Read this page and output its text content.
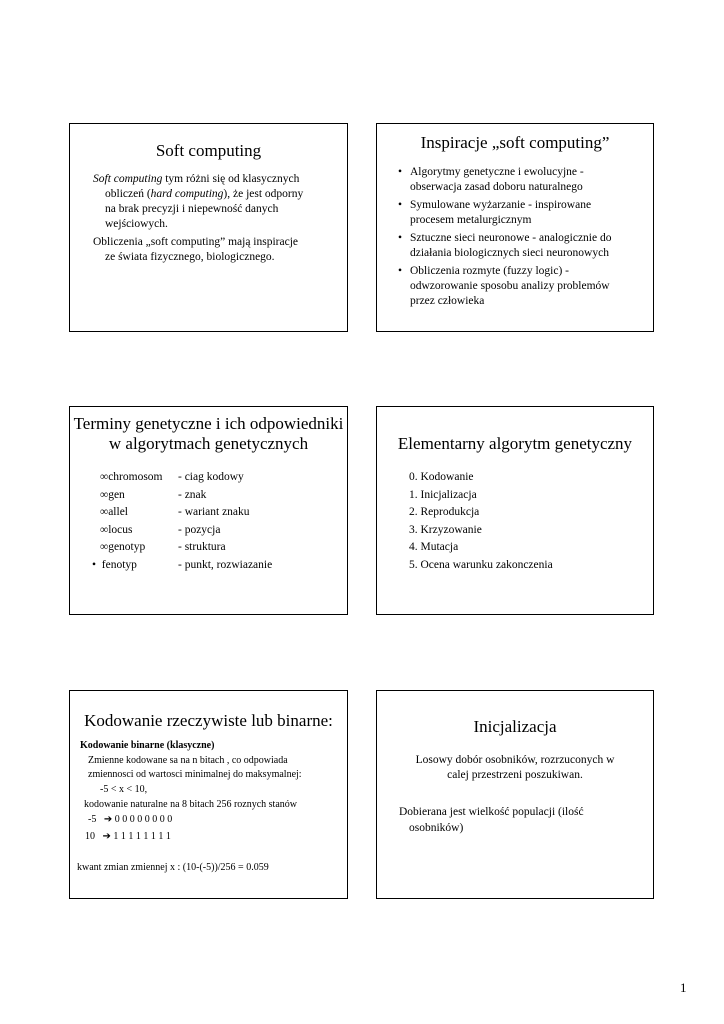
Soft computing
Soft computing tym różni się od klasycznych
obliczeń (hard computing), że jest odporny
na brak precyzji i niepewność danych
wejściowych.
Obliczenia „soft computing” mają inspiracje
ze świata fizycznego, biologicznego.
Inspiracje „soft computing”
• Algorytmy genetyczne i ewolucyjne -
obserwacja zasad doboru naturalnego
• Symulowane wyżarzanie - inspirowane
procesem metalurgicznym
• Sztuczne sieci neuronowe - analogicznie do
działania biologicznych sieci neuronowych
• Obliczenia rozmyte (fuzzy logic) -
odwzorowanie sposobu analizy problemów
przez człowieka
Terminy genetyczne i ich odpowiedniki
w algorytmach genetycznych
∞chromosom - ciag kodowy
∞gen	- znak
∞allel	- wariant znaku
∞locus	- pozycja
∞genotyp	- struktura
•  fenotyp	- punkt, rozwiazanie
Elementarny algorytm genetyczny
0. Kodowanie
1. Inicjalizacja
2. Reprodukcja
3. Krzyzowanie
4. Mutacja
5. Ocena warunku zakonczenia
Kodowanie rzeczywiste lub binarne:
Kodowanie binarne (klasyczne)
Zmienne kodowane sa na n bitach , co odpowiada
zmiennosci od wartosci minimalnej do maksymalnej:
-5 < x < 10,
kodowanie naturalne na 8 bitach 256 roznych stanów
-5 ➔ 0 0 0 0 0 0 0 0
10 ➔ 1 1 1 1 1 1 1 1
kwant zmian zmiennej x : (10-(-5))/256 = 0.059
Inicjalizacja
Losowy dobór osobników, rozrzuconych w
calej przestrzeni poszukiwan.
Dobierana jest wielkość populacji (ilość
osobników)
1
